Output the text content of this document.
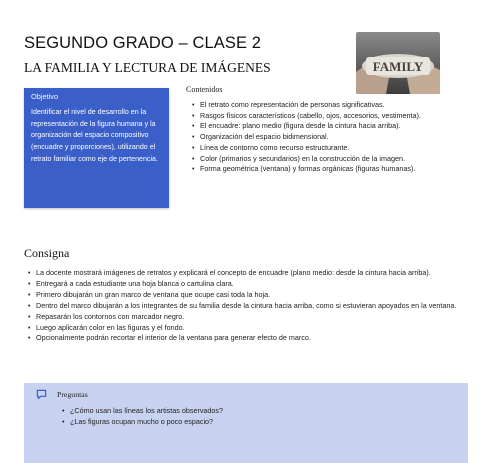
SEGUNDO GRADO – CLASE 2
LA FAMILIA Y LECTURA DE IMÁGENES	FAMILY
Objetivo
Identificar el nivel de desarrollo en la representación de la figura humana y la organización del espacio compositivo (encuadre y proporciones), utilizando el retrato familiar como eje de pertenencia.
Contenidos
• El retrato como representación de personas significativas.
• Rasgos físicos característicos (cabello, ojos, accesorios, vestimenta).
• El encuadre: plano medio (figura desde la cintura hacia arriba).
• Organización del espacio bidimensional.
• Línea de contorno como recurso estructurante.
• Color (primarios y secundarios) en la construcción de la imagen.
• Forma geométrica (ventana) y formas orgánicas (figuras humanas).
Consigna
• La docente mostrará imágenes de retratos y explicará el concepto de encuadre (plano medio: desde la cintura hacia arriba).
• Entregará a cada estudiante una hoja blanca o cartulina clara.
• Primero dibujarán un gran marco de ventana que ocupe casi toda la hoja.
• Dentro del marco dibujarán a los integrantes de su familia desde la cintura hacia arriba, como si estuvieran apoyados en la ventana.
• Repasarán los contornos con marcador negro.
• Luego aplicarán color en las figuras y el fondo.
• Opcionalmente podrán recortar el interior de la ventana para generar efecto de marco.
Preguntas
• ¿Cómo usan las líneas los artistas observados?
• ¿Las figuras ocupan mucho o poco espacio?
